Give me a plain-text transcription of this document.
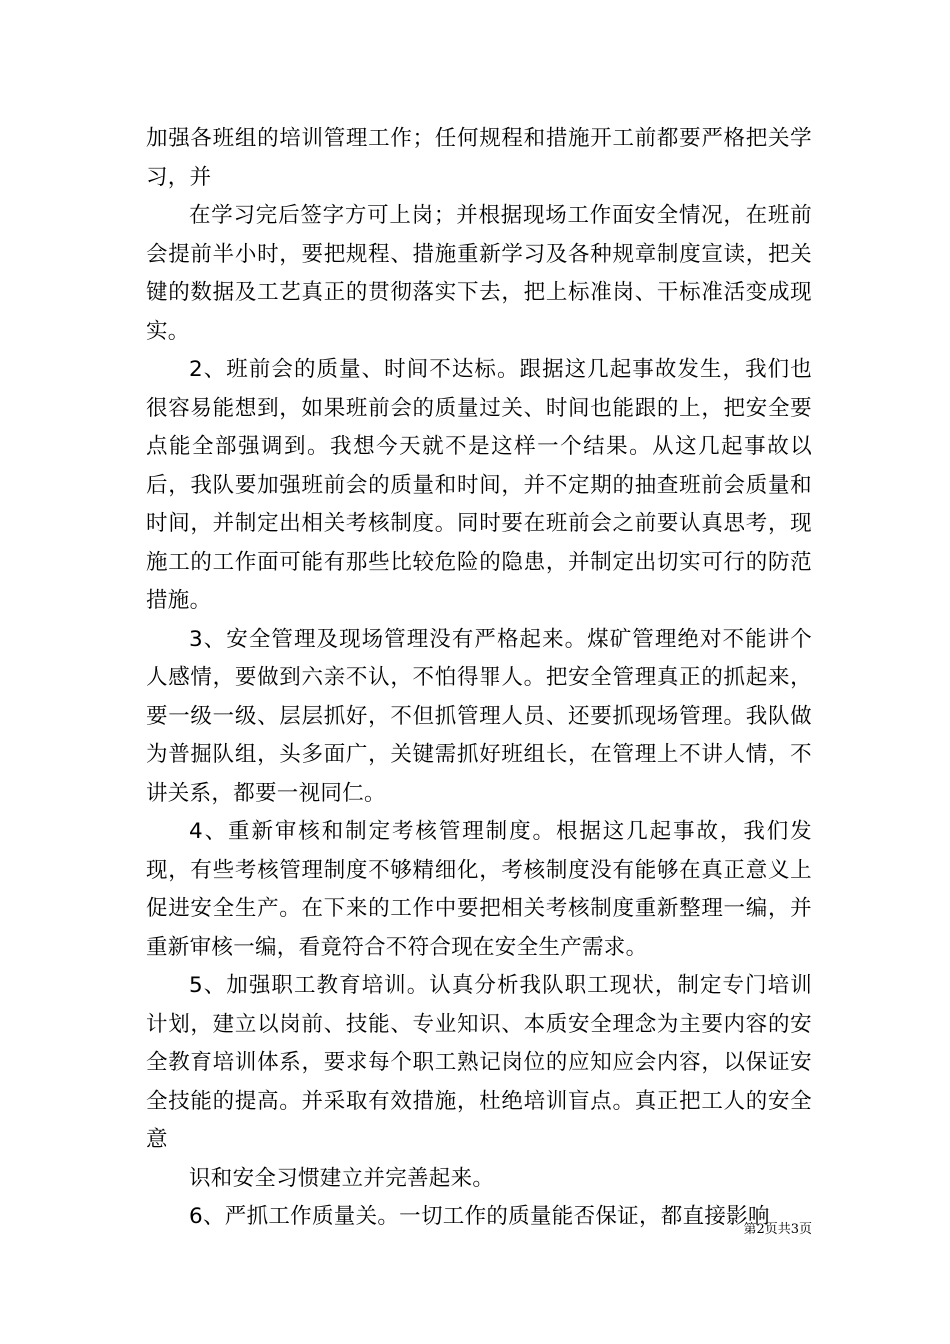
加强各班组的培训管理工作；任何规程和措施开工前都要严格把关学习，并

在学习完后签字方可上岗；并根据现场工作面安全情况，在班前会提前半小时，要把规程、措施重新学习及各种规章制度宣读，把关键的数据及工艺真正的贯彻落实下去，把上标准岗、干标准活变成现实。

2、班前会的质量、时间不达标。跟据这几起事故发生，我们也很容易能想到，如果班前会的质量过关、时间也能跟的上，把安全要点能全部强调到。我想今天就不是这样一个结果。从这几起事故以后，我队要加强班前会的质量和时间，并不定期的抽查班前会质量和时间，并制定出相关考核制度。同时要在班前会之前要认真思考，现施工的工作面可能有那些比较危险的隐患，并制定出切实可行的防范措施。

3、安全管理及现场管理没有严格起来。煤矿管理绝对不能讲个人感情，要做到六亲不认，不怕得罪人。把安全管理真正的抓起来，要一级一级、层层抓好，不但抓管理人员、还要抓现场管理。我队做为普掘队组，头多面广，关键需抓好班组长，在管理上不讲人情，不讲关系，都要一视同仁。

4、重新审核和制定考核管理制度。根据这几起事故，我们发现，有些考核管理制度不够精细化，考核制度没有能够在真正意义上促进安全生产。在下来的工作中要把相关考核制度重新整理一编，并重新审核一编，看竟符合不符合现在安全生产需求。

5、加强职工教育培训。认真分析我队职工现状，制定专门培训计划，建立以岗前、技能、专业知识、本质安全理念为主要内容的安全教育培训体系，要求每个职工熟记岗位的应知应会内容，以保证安全技能的提高。并采取有效措施，杜绝培训盲点。真正把工人的安全意

识和安全习惯建立并完善起来。

6、严抓工作质量关。一切工作的质量能否保证，都直接影响

第2页共3页
